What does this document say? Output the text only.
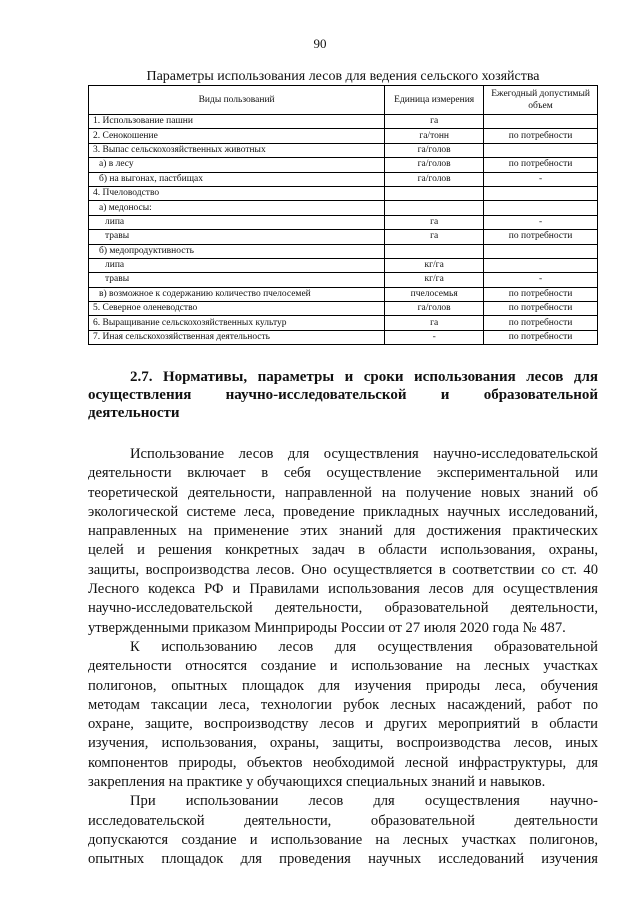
90
Параметры использования лесов для ведения сельского хозяйства
Виды пользований	Единица измерения	Ежегодный допустимый объем
1. Использование пашни	га	
2. Сенокошение	га/тонн	по потребности
3. Выпас сельскохозяйственных животных	га/голов	
а) в лесу	га/голов	по потребности
б) на выгонах, пастбищах	га/голов	-
4. Пчеловодство		
а) медоносы:		
липа	га	-
травы	га	по потребности
б) медопродуктивность		
липа	кг/га	
травы	кг/га	-
в) возможное к содержанию количество пчелосемей	пчелосемья	по потребности
5. Северное оленеводство	га/голов	по потребности
6. Выращивание сельскохозяйственных культур	га	по потребности
7. Иная сельскохозяйственная деятельность	-	по потребности
2.7. Нормативы, параметры и сроки использования лесов для
осуществления научно-исследовательской и образовательной
деятельности
Использование лесов для осуществления научно-исследовательской
деятельности включает в себя осуществление экспериментальной или
теоретической деятельности, направленной на получение новых знаний об
экологической системе леса, проведение прикладных научных исследований,
направленных на применение этих знаний для достижения практических
целей и решения конкретных задач в области использования, охраны,
защиты, воспроизводства лесов. Оно осуществляется в соответствии со ст. 40
Лесного кодекса РФ и Правилами использования лесов для осуществления
научно-исследовательской деятельности, образовательной деятельности,
утвержденными приказом Минприроды России от 27 июля 2020 года № 487.
К использованию лесов для осуществления образовательной
деятельности относятся создание и использование на лесных участках
полигонов, опытных площадок для изучения природы леса, обучения
методам таксации леса, технологии рубок лесных насаждений, работ по
охране, защите, воспроизводству лесов и других мероприятий в области
изучения, использования, охраны, защиты, воспроизводства лесов, иных
компонентов природы, объектов необходимой лесной инфраструктуры, для
закрепления на практике у обучающихся специальных знаний и навыков.
При использовании лесов для осуществления научно-
исследовательской деятельности, образовательной деятельности
допускаются создание и использование на лесных участках полигонов,
опытных площадок для проведения научных исследований изучения
